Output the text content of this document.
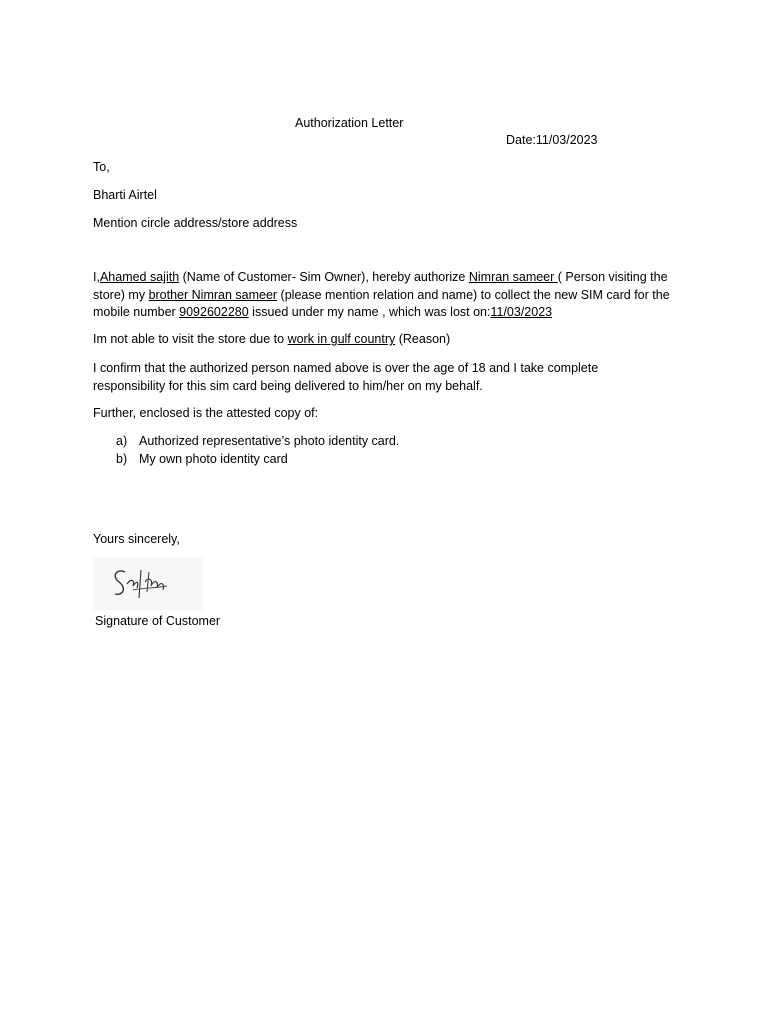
Authorization Letter
Date:11/03/2023
To,
Bharti Airtel
Mention circle address/store address
I,Ahamed sajith (Name of Customer- Sim Owner), hereby authorize Nimran sameer ( Person visiting the store) my brother Nimran sameer (please mention relation and name) to collect the new SIM card for the mobile number 9092602280 issued under my name , which was lost on:11/03/2023
Im not able to visit the store due to work in gulf country (Reason)
I confirm that the authorized person named above is over the age of 18 and I take complete responsibility for this sim card being delivered to him/her on my behalf.
Further, enclosed is the attested copy of:
a) Authorized representative’s photo identity card.
b) My own photo identity card
Yours sincerely,
Signature of Customer
